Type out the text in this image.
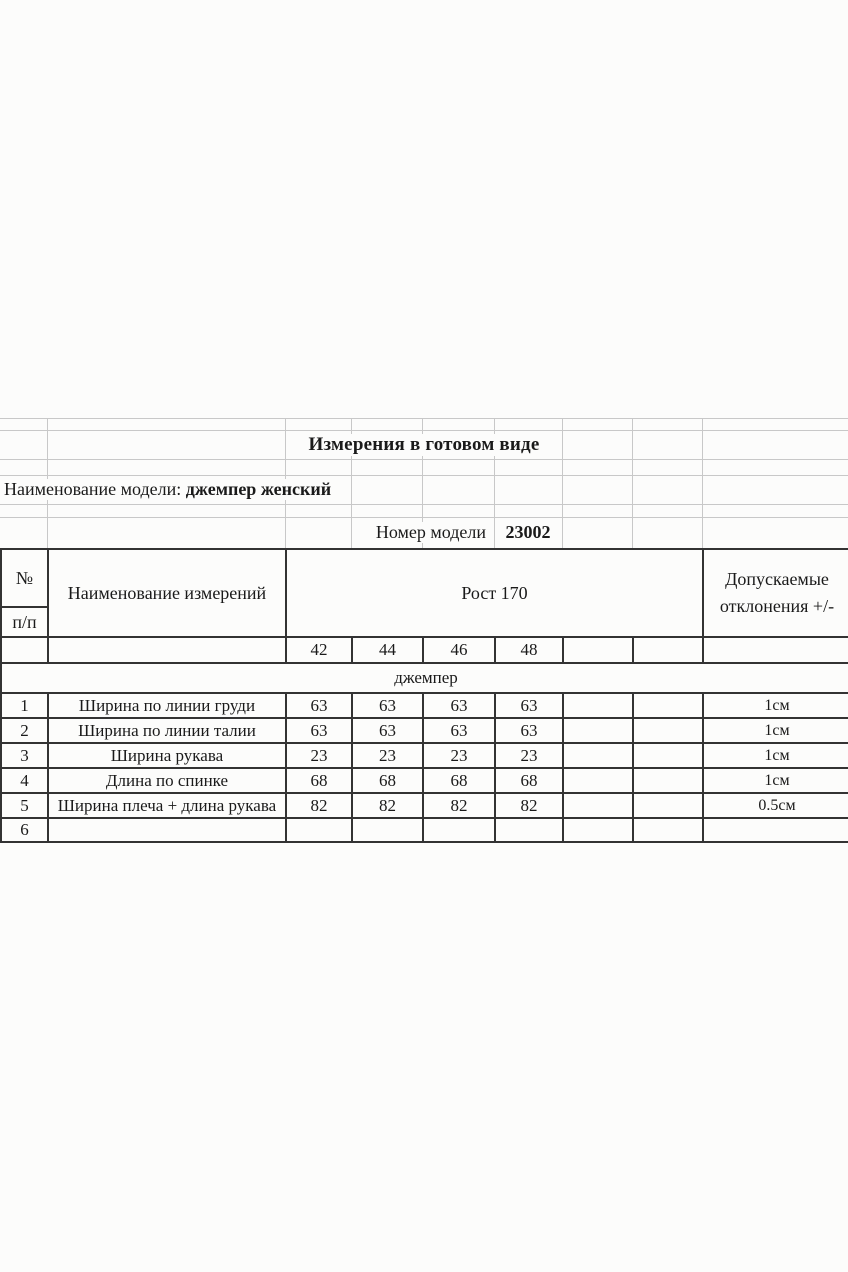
Измерения в готовом виде
Наименование модели: джемпер женский
Номер модели 23002
№
п/п
Наименование измерений	Рост 170
Допускаемые отклонения +/-
42	44	46	48
джемпер
1	Ширина по линии груди	63	63	63	63	1см
2	Ширина по линии талии	63	63	63	63	1см
3	Ширина рукава	23	23	23	23	1см
4	Длина по спинке	68	68	68	68	1см
5	Ширина плеча + длина рукава	82	82	82	82	0.5см
6
